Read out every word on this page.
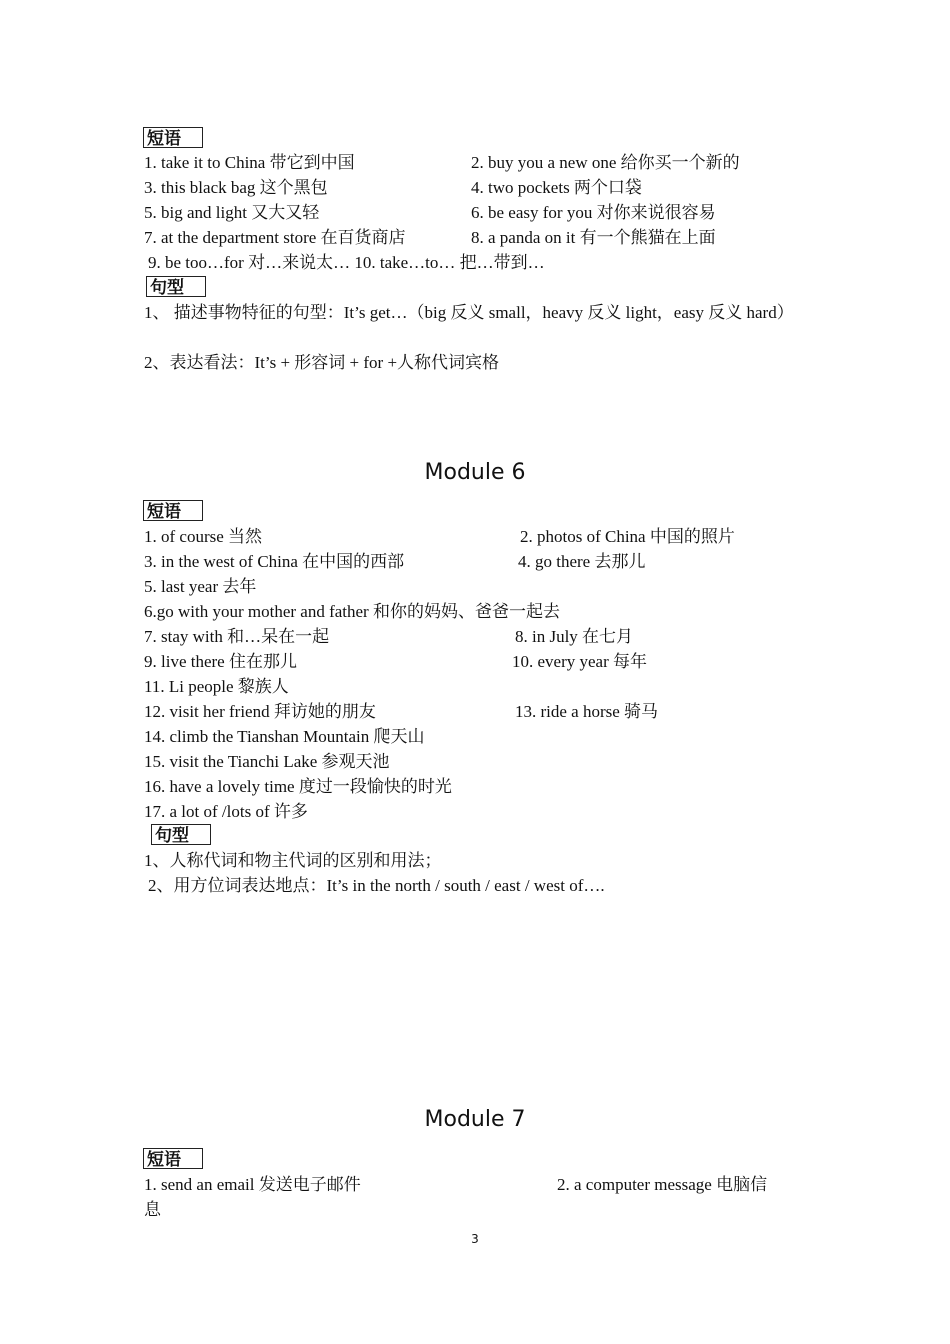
短语
1. take it to China 带它到中国	2. buy you a new one 给你买一个新的
3. this black bag 这个黑包	4. two pockets 两个口袋
5. big and light 又大又轻	6. be easy for you 对你来说很容易
7. at the department store 在百货商店	8. a panda on it 有一个熊猫在上面
9. be too…for 对…来说太… 10. take…to… 把…带到…
句型
1、 描述事物特征的句型：It’s get…（big 反义 small，heavy 反义 light，easy 反义 hard）
2、表达看法：It’s + 形容词 + for +人称代词宾格
Module 6
短语
1. of course 当然	2. photos of China 中国的照片
3. in the west of China 在中国的西部	4. go there 去那儿
5. last year 去年
6.go with your mother and father 和你的妈妈、爸爸一起去
7. stay with 和…呆在一起	8. in July 在七月
9. live there 住在那儿	10. every year 每年
11. Li people 黎族人
12. visit her friend 拜访她的朋友	13. ride a horse 骑马
14. climb the Tianshan Mountain 爬天山
15. visit the Tianchi Lake 参观天池
16. have a lovely time 度过一段愉快的时光
17. a lot of /lots of 许多
句型
1、人称代词和物主代词的区别和用法；
2、用方位词表达地点：It’s in the north / south / east / west of….
Module 7
短语
1. send an email 发送电子邮件	2. a computer message 电脑信
息
3
